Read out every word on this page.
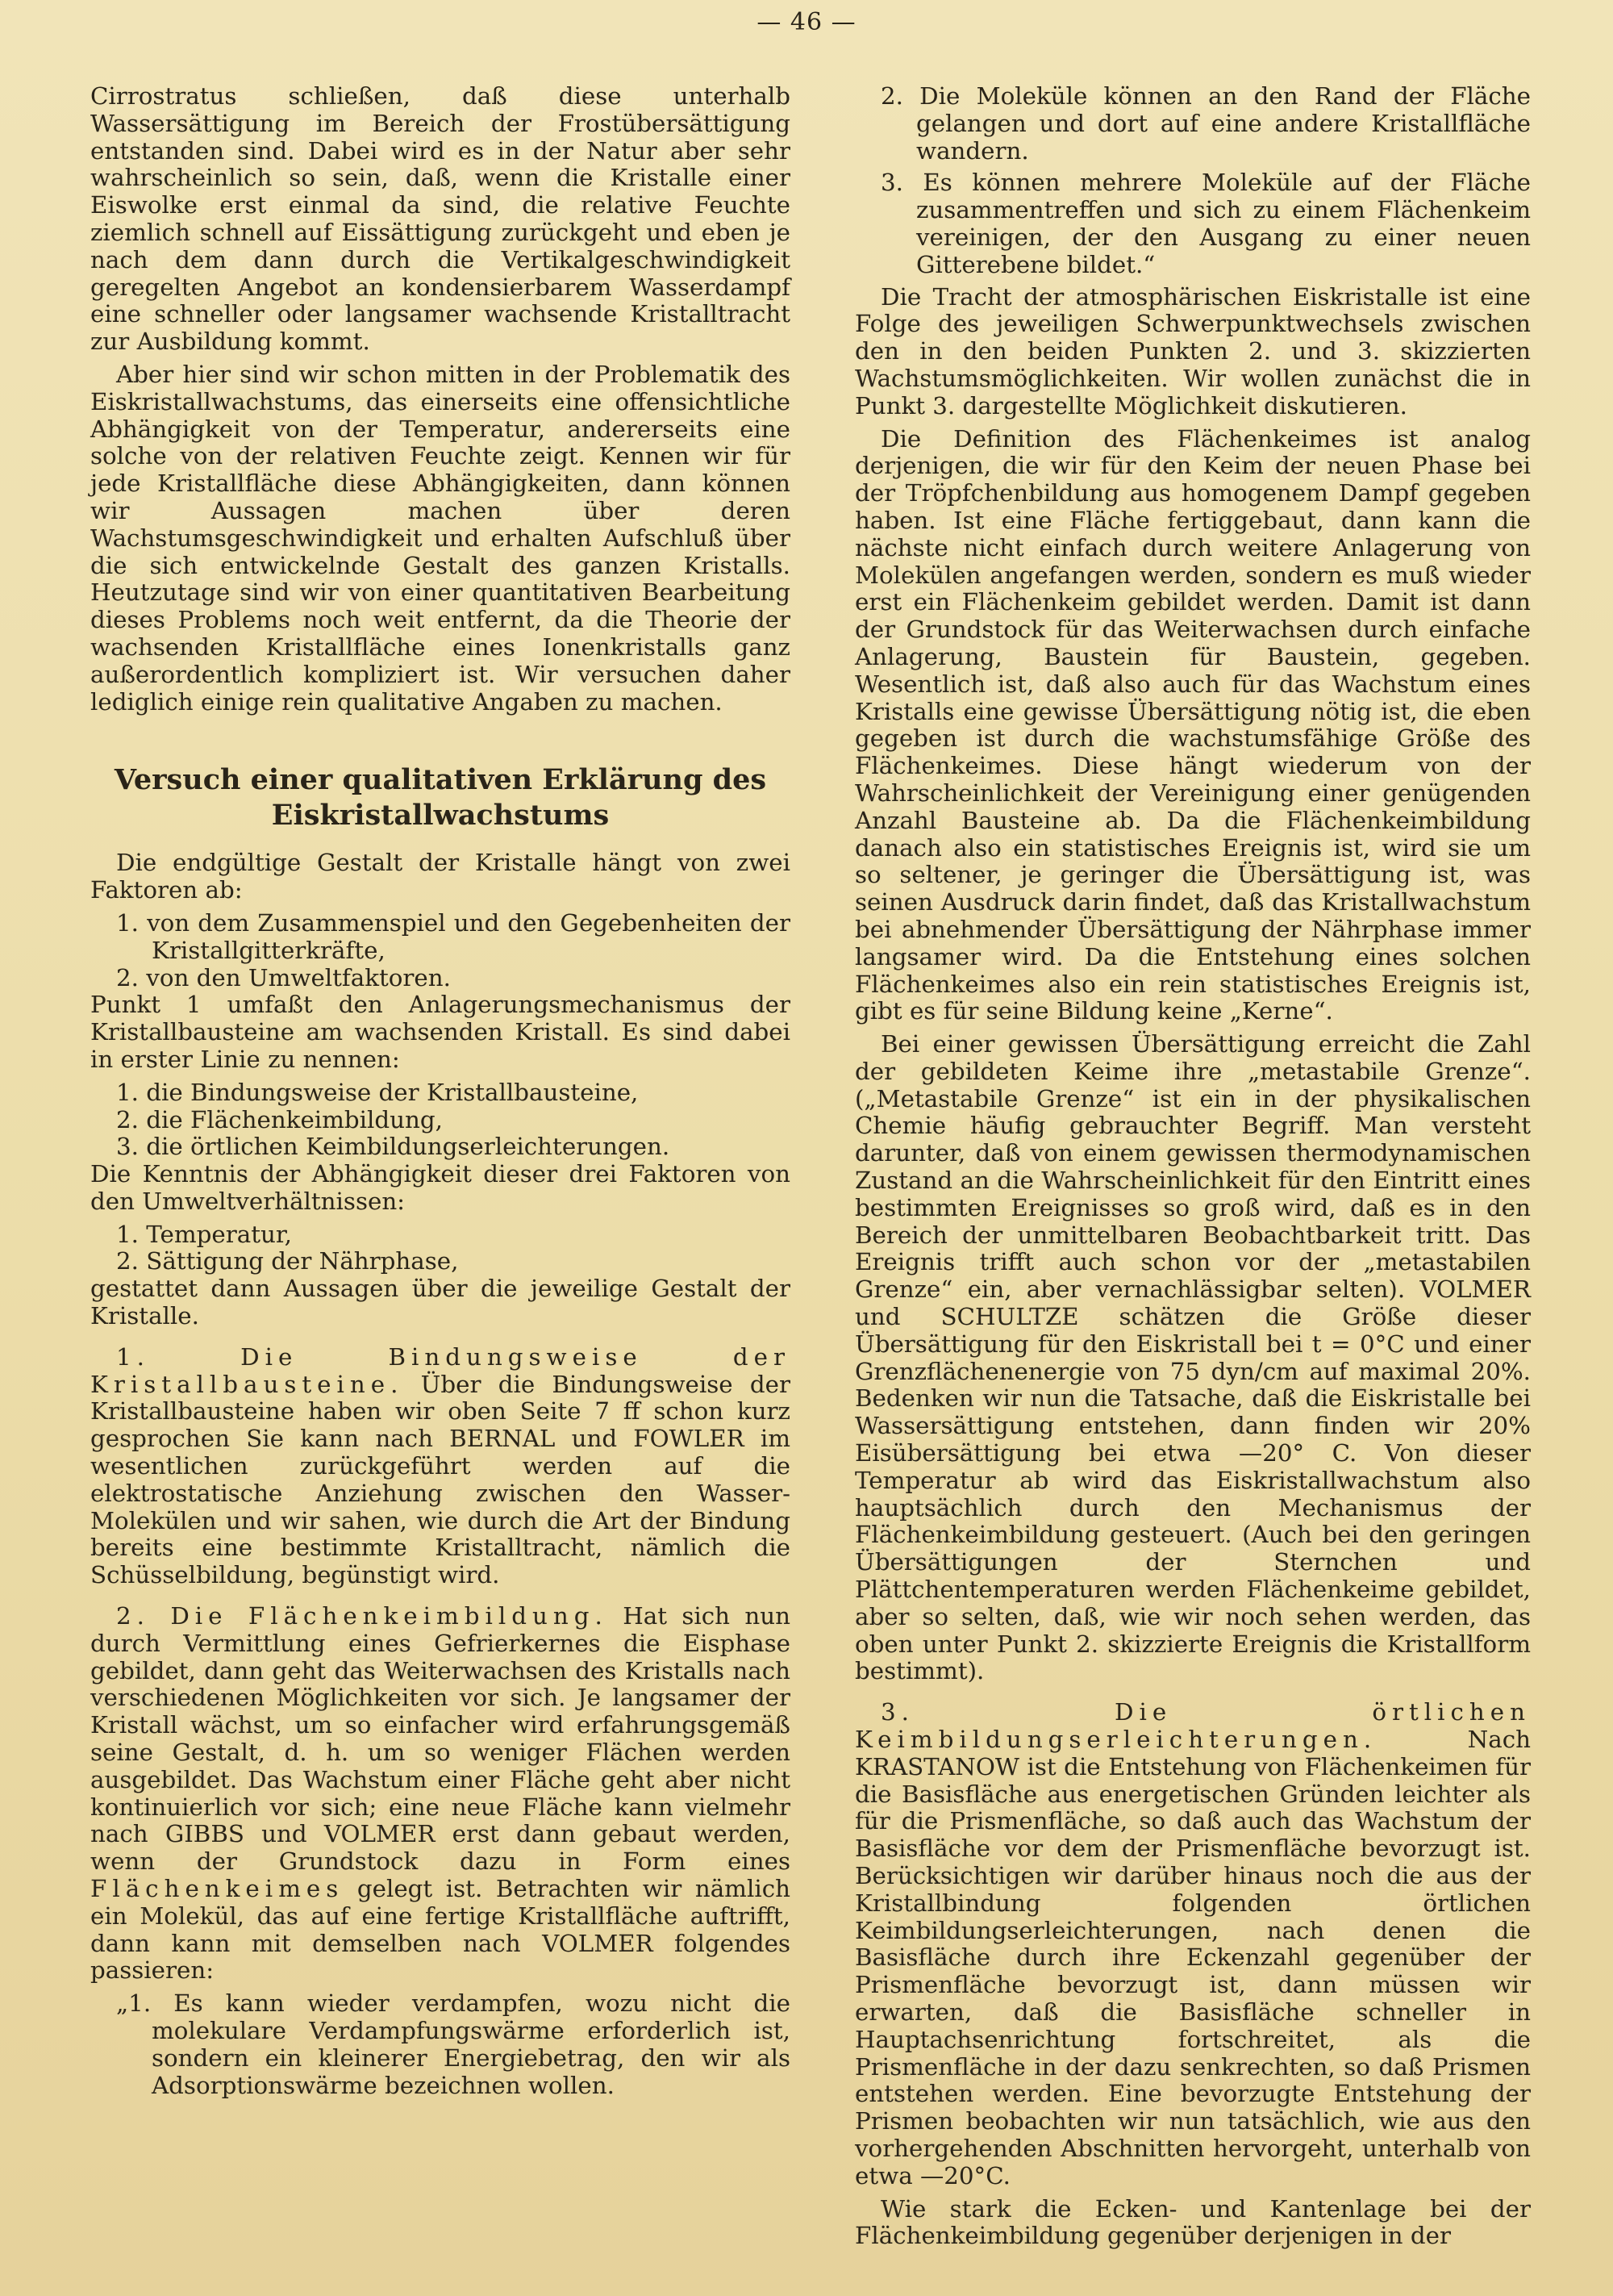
— 46 —

Cirrostratus schließen, daß diese unterhalb Wassersättigung im Bereich der Frostübersättigung entstanden sind. Dabei wird es in der Natur aber sehr wahrscheinlich so sein, daß, wenn die Kristalle einer Eiswolke erst einmal da sind, die relative Feuchte ziemlich schnell auf Eissättigung zurückgeht und eben je nach dem dann durch die Vertikalgeschwindigkeit geregelten Angebot an kondensierbarem Wasserdampf eine schneller oder langsamer wachsende Kristalltracht zur Ausbildung kommt.

Aber hier sind wir schon mitten in der Problematik des Eiskristallwachstums, das einerseits eine offensichtliche Abhängigkeit von der Temperatur, andererseits eine solche von der relativen Feuchte zeigt. Kennen wir für jede Kristallfläche diese Abhängigkeiten, dann können wir Aussagen machen über deren Wachstumsgeschwindigkeit und erhalten Aufschluß über die sich entwickelnde Gestalt des ganzen Kristalls. Heutzutage sind wir von einer quantitativen Bearbeitung dieses Problems noch weit entfernt, da die Theorie der wachsenden Kristallfläche eines Ionenkristalls ganz außerordentlich kompliziert ist. Wir versuchen daher lediglich einige rein qualitative Angaben zu machen.

Versuch einer qualitativen Erklärung des Eiskristallwachstums

Die endgültige Gestalt der Kristalle hängt von zwei Faktoren ab:

1. von dem Zusammenspiel und den Gegebenheiten der Kristallgitterkräfte,
2. von den Umweltfaktoren.

Punkt 1 umfaßt den Anlagerungsmechanismus der Kristallbausteine am wachsenden Kristall. Es sind dabei in erster Linie zu nennen:

1. die Bindungsweise der Kristallbausteine,
2. die Flächenkeimbildung,
3. die örtlichen Keimbildungserleichterungen.

Die Kenntnis der Abhängigkeit dieser drei Faktoren von den Umweltverhältnissen:

1. Temperatur,
2. Sättigung der Nährphase,

gestattet dann Aussagen über die jeweilige Gestalt der Kristalle.

1. Die Bindungsweise der Kristallbausteine. Über die Bindungsweise der Kristallbausteine haben wir oben Seite 7 ff schon kurz gesprochen Sie kann nach BERNAL und FOWLER im wesentlichen zurückgeführt werden auf die elektrostatische Anziehung zwischen den Wasser-Molekülen und wir sahen, wie durch die Art der Bindung bereits eine bestimmte Kristalltracht, nämlich die Schüsselbildung, begünstigt wird.

2. Die Flächenkeimbildung. Hat sich nun durch Vermittlung eines Gefrierkernes die Eisphase gebildet, dann geht das Weiterwachsen des Kristalls nach verschiedenen Möglichkeiten vor sich. Je langsamer der Kristall wächst, um so einfacher wird erfahrungsgemäß seine Gestalt, d. h. um so weniger Flächen werden ausgebildet. Das Wachstum einer Fläche geht aber nicht kontinuierlich vor sich; eine neue Fläche kann vielmehr nach GIBBS und VOLMER erst dann gebaut werden, wenn der Grundstock dazu in Form eines Flächenkeimes gelegt ist. Betrachten wir nämlich ein Molekül, das auf eine fertige Kristallfläche auftrifft, dann kann mit demselben nach VOLMER folgendes passieren:

„1. Es kann wieder verdampfen, wozu nicht die molekulare Verdampfungswärme erforderlich ist, sondern ein kleinerer Energiebetrag, den wir als Adsorptionswärme bezeichnen wollen.
2. Die Moleküle können an den Rand der Fläche gelangen und dort auf eine andere Kristallfläche wandern.
3. Es können mehrere Moleküle auf der Fläche zusammentreffen und sich zu einem Flächenkeim vereinigen, der den Ausgang zu einer neuen Gitterebene bildet.“

Die Tracht der atmosphärischen Eiskristalle ist eine Folge des jeweiligen Schwerpunktwechsels zwischen den in den beiden Punkten 2. und 3. skizzierten Wachstumsmöglichkeiten. Wir wollen zunächst die in Punkt 3. dargestellte Möglichkeit diskutieren.

Die Definition des Flächenkeimes ist analog derjenigen, die wir für den Keim der neuen Phase bei der Tröpfchenbildung aus homogenem Dampf gegeben haben. Ist eine Fläche fertiggebaut, dann kann die nächste nicht einfach durch weitere Anlagerung von Molekülen angefangen werden, sondern es muß wieder erst ein Flächenkeim gebildet werden. Damit ist dann der Grundstock für das Weiterwachsen durch einfache Anlagerung, Baustein für Baustein, gegeben. Wesentlich ist, daß also auch für das Wachstum eines Kristalls eine gewisse Übersättigung nötig ist, die eben gegeben ist durch die wachstumsfähige Größe des Flächenkeimes. Diese hängt wiederum von der Wahrscheinlichkeit der Vereinigung einer genügenden Anzahl Bausteine ab. Da die Flächenkeimbildung danach also ein statistisches Ereignis ist, wird sie um so seltener, je geringer die Übersättigung ist, was seinen Ausdruck darin findet, daß das Kristallwachstum bei abnehmender Übersättigung der Nährphase immer langsamer wird. Da die Entstehung eines solchen Flächenkeimes also ein rein statistisches Ereignis ist, gibt es für seine Bildung keine „Kerne“.

Bei einer gewissen Übersättigung erreicht die Zahl der gebildeten Keime ihre „metastabile Grenze“. („Metastabile Grenze“ ist ein in der physikalischen Chemie häufig gebrauchter Begriff. Man versteht darunter, daß von einem gewissen thermodynamischen Zustand an die Wahrscheinlichkeit für den Eintritt eines bestimmten Ereignisses so groß wird, daß es in den Bereich der unmittelbaren Beobachtbarkeit tritt. Das Ereignis trifft auch schon vor der „metastabilen Grenze“ ein, aber vernachlässigbar selten). VOLMER und SCHULTZE schätzen die Größe dieser Übersättigung für den Eiskristall bei t = 0°C und einer Grenzflächenenergie von 75 dyn/cm auf maximal 20%. Bedenken wir nun die Tatsache, daß die Eiskristalle bei Wassersättigung entstehen, dann finden wir 20% Eisübersättigung bei etwa —20° C. Von dieser Temperatur ab wird das Eiskristallwachstum also hauptsächlich durch den Mechanismus der Flächenkeimbildung gesteuert. (Auch bei den geringen Übersättigungen der Sternchen und Plättchentemperaturen werden Flächenkeime gebildet, aber so selten, daß, wie wir noch sehen werden, das oben unter Punkt 2. skizzierte Ereignis die Kristallform bestimmt).

3. Die örtlichen Keimbildungserleichterungen.	Nach KRASTANOW ist die Entstehung von Flächenkeimen für die Basisfläche aus energetischen Gründen leichter als für die Prismenfläche, so daß auch das Wachstum der Basisfläche vor dem der Prismenfläche bevorzugt ist. Berücksichtigen wir darüber hinaus noch die aus der Kristallbindung folgenden örtlichen Keimbildungserleichterungen, nach denen die Basisfläche durch ihre Eckenzahl gegenüber der Prismenfläche bevorzugt ist, dann müssen wir erwarten, daß die Basisfläche schneller in Hauptachsenrichtung fortschreitet, als die Prismenfläche in der dazu senkrechten, so daß Prismen entstehen werden. Eine bevorzugte Entstehung der Prismen beobachten wir nun tatsächlich, wie aus den vorhergehenden Abschnitten hervorgeht, unterhalb von etwa —20°C.

Wie stark die Ecken- und Kantenlage bei der Flächenkeimbildung gegenüber derjenigen in der
